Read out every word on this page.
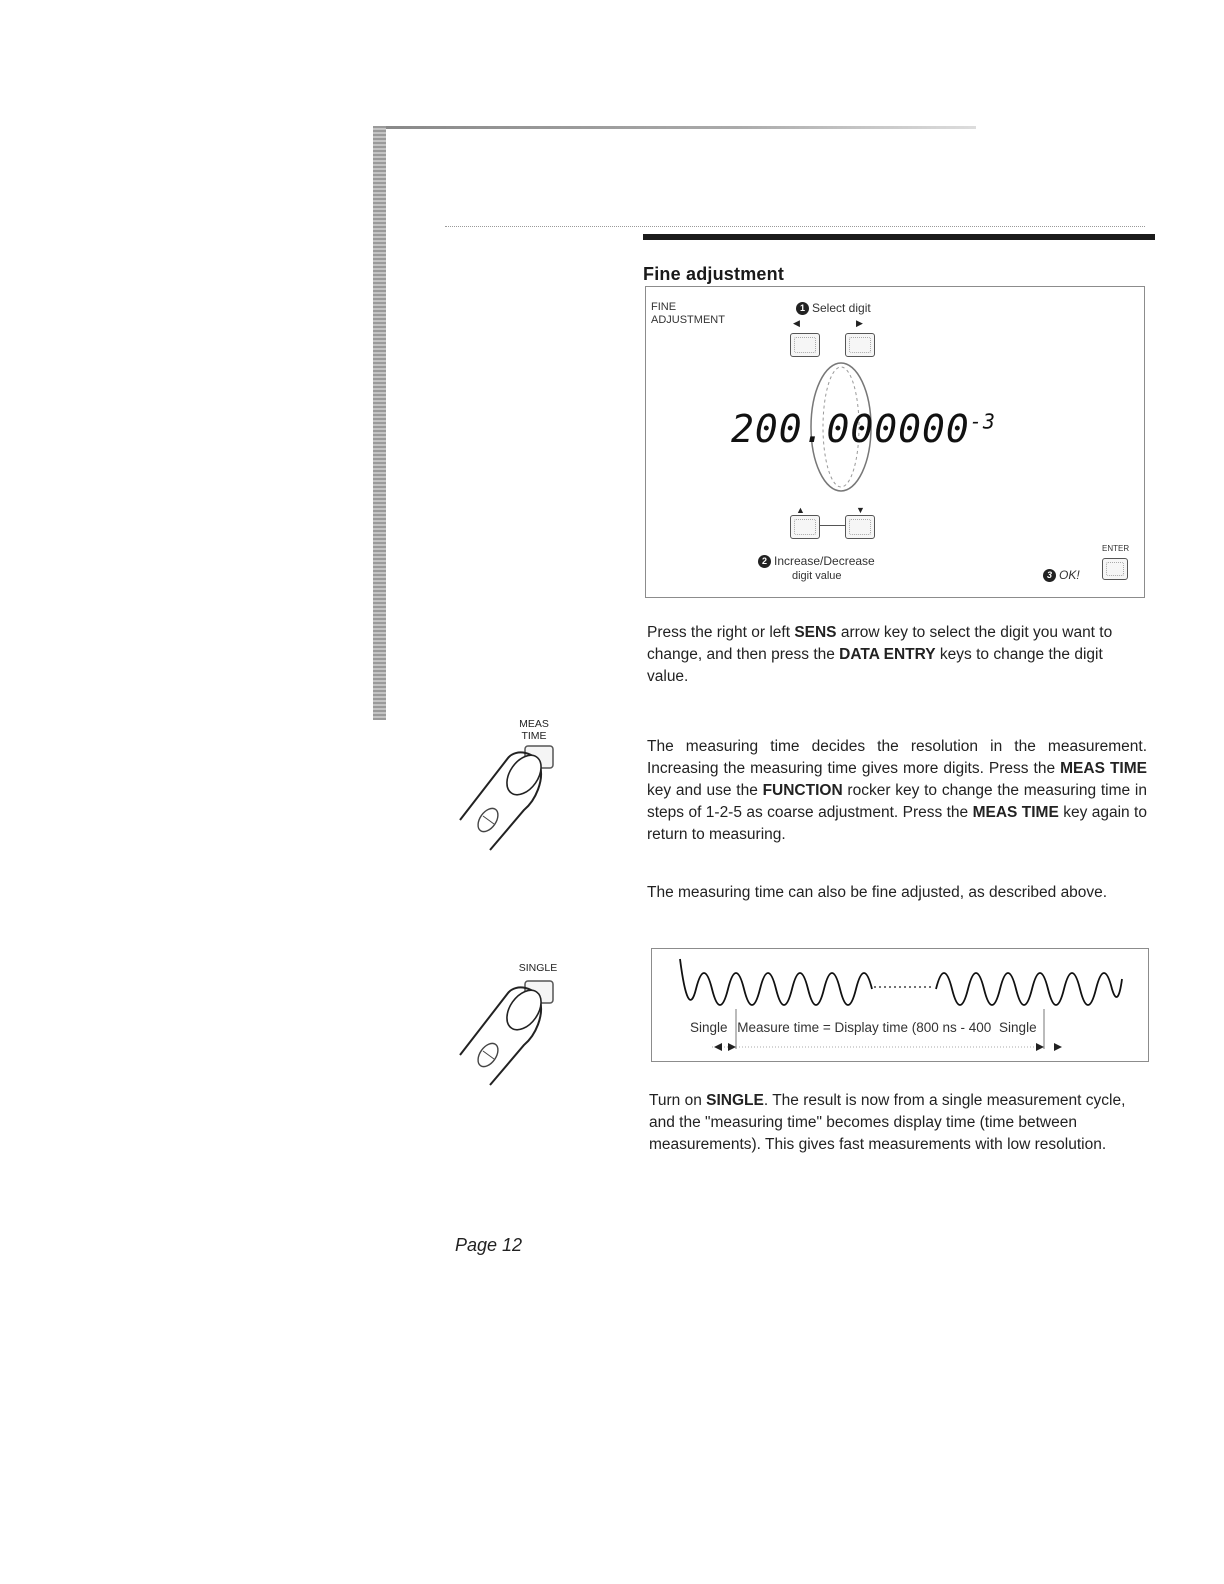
Fine adjustment
FINE
ADJUSTMENT
1 Select digit
◀	▶
$200.000000^{-3}$
▲	▼
2 Increase/Decrease
digit value
ENTER
3 OK!
Press the right or left SENS arrow key to select the digit you want to change, and then press the DATA ENTRY keys to change the digit value.
MEAS
TIME
The measuring time decides the resolution in the measurement. Increasing the measuring time gives more digits. Press the MEAS TIME key and use the FUNCTION rocker key to change the measuring time in steps of 1-2-5 as coarse adjustment. Press the MEAS TIME key again to return to measuring.
The measuring time can also be fine adjusted, as described above.
SINGLE
Single Measure time = Display time (800 ns - 400 Single
Turn on SINGLE. The result is now from a single measurement cycle, and the "measuring time" becomes display time (time between measurements). This gives fast measurements with low resolution.
Page 12
